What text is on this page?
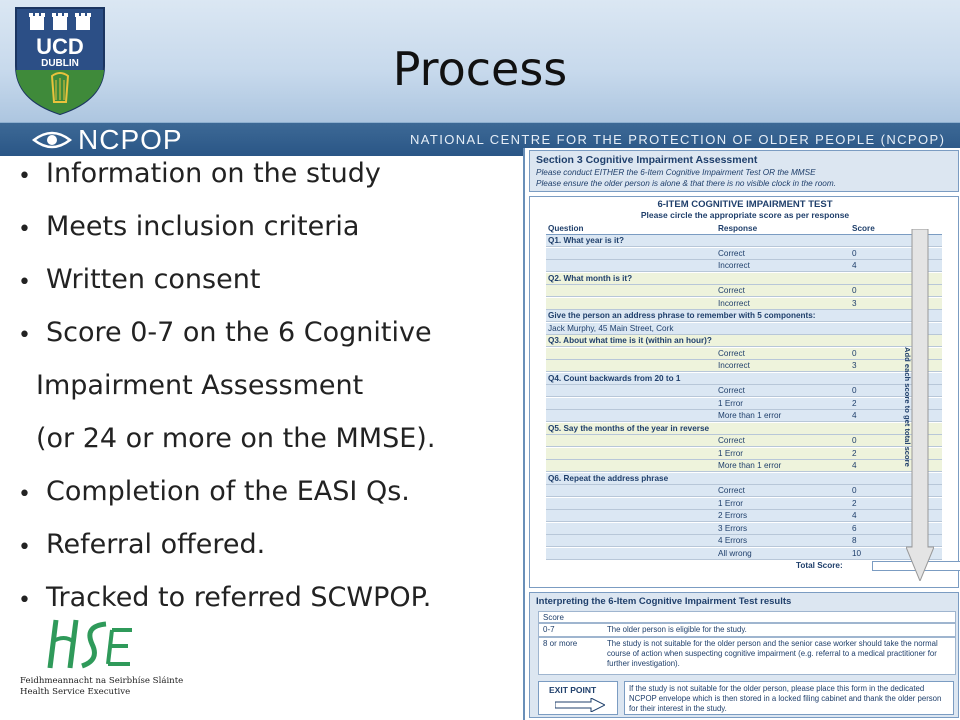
UCD
DUBLIN	Process
NCPOP	NATIONAL CENTRE FOR THE PROTECTION OF OLDER PEOPLE (NCPOP)
• Information on the study
• Meets inclusion criteria
• Written consent
• Score 0-7 on the 6 Cognitive
Impairment Assessment
(or 24 or more on the MMSE).
• Completion of the EASI Qs.
• Referral offered.
• Tracked to referred SCWPOP.
Feidhmeannacht na Seirbhíse Sláinte
Health Service Executive
Section 3 Cognitive Impairment Assessment
Please conduct EITHER the 6-Item Cognitive Impairment Test OR the MMSE
Please ensure the older person is alone & that there is no visible clock in the room.
6-ITEM COGNITIVE IMPAIRMENT TEST
Please circle the appropriate score as per response
Question	Response	Score
Q1. What year is it?
Correct	0
Incorrect	4
Q2. What month is it?
Correct	0
Incorrect	3
Give the person an address phrase to remember with 5 components:
Jack Murphy, 45 Main Street, Cork
Q3. About what time is it (within an hour)?
Correct	0
Incorrect	3
Q4. Count backwards from 20 to 1
Correct	0
1 Error	2
More than 1 error	4
Q5. Say the months of the year in reverse
Correct	0
1 Error	2
More than 1 error	4
Q6. Repeat the address phrase
Correct	0
1 Error	2
2 Errors	4
3 Errors	6
4 Errors	8
All wrong	10
Total Score:
Add each score to get total score
Interpreting the 6-Item Cognitive Impairment Test results
Score
0-7	The older person is eligible for the study.
8 or more	The study is not suitable for the older person and the senior case worker should take the normal course of action when suspecting cognitive impairment (e.g. referral to a medical practitioner for further investigation).
EXIT POINT	If the study is not suitable for the older person, please place this form in the dedicated NCPOP envelope which is then stored in a locked filing cabinet and thank the older person for their interest in the study.
